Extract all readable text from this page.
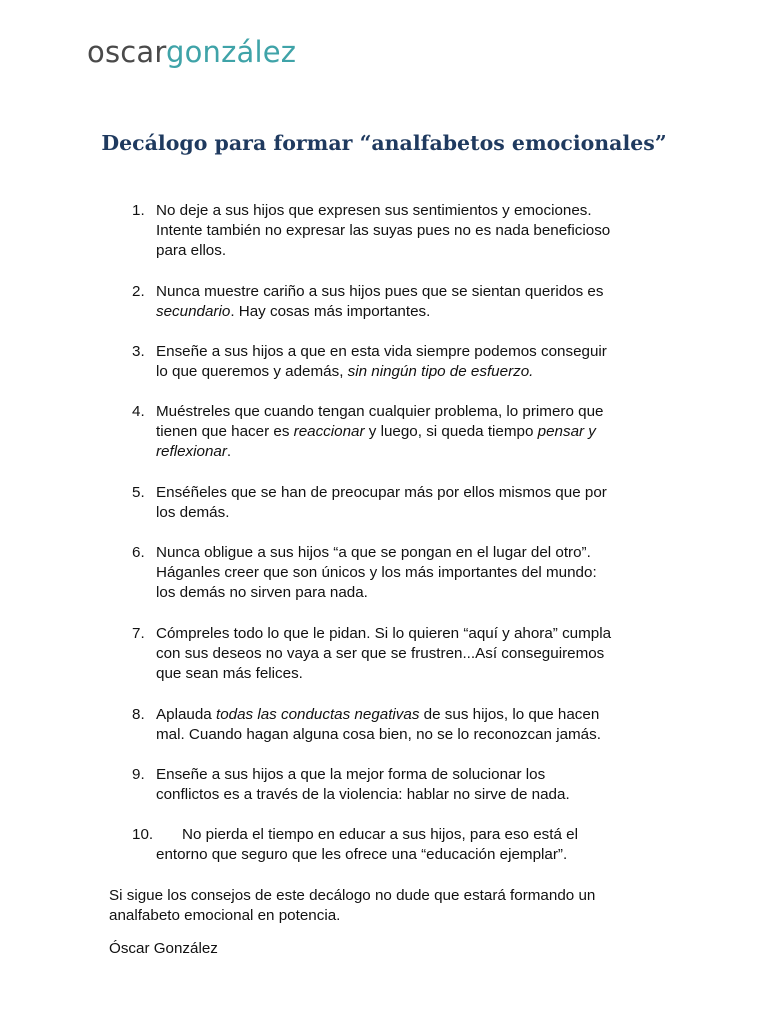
oscargonzález
Decálogo para formar “analfabetos emocionales”
1. No deje a sus hijos que expresen sus sentimientos y emociones.
Intente también no expresar las suyas pues no es nada beneficioso
para ellos.
2. Nunca muestre cariño a sus hijos pues que se sientan queridos es
secundario. Hay cosas más importantes.
3. Enseñe a sus hijos a que en esta vida siempre podemos conseguir
lo que queremos y además, sin ningún tipo de esfuerzo.
4. Muéstreles que cuando tengan cualquier problema, lo primero que
tienen que hacer es reaccionar y luego, si queda tiempo pensar y
reflexionar.
5. Enséñeles que se han de preocupar más por ellos mismos que por
los demás.
6. Nunca obligue a sus hijos “a que se pongan en el lugar del otro”.
Háganles creer que son únicos y los más importantes del mundo:
los demás no sirven para nada.
7. Cómpreles todo lo que le pidan. Si lo quieren “aquí y ahora” cumpla
con sus deseos no vaya a ser que se frustren...Así conseguiremos
que sean más felices.
8. Aplauda todas las conductas negativas de sus hijos, lo que hacen
mal. Cuando hagan alguna cosa bien, no se lo reconozcan jamás.
9. Enseñe a sus hijos a que la mejor forma de solucionar los
conflictos es a través de la violencia: hablar no sirve de nada.
10.	No pierda el tiempo en educar a sus hijos, para eso está el
entorno que seguro que les ofrece una “educación ejemplar”.
Si sigue los consejos de este decálogo no dude que estará formando un
analfabeto emocional en potencia.
Óscar González
